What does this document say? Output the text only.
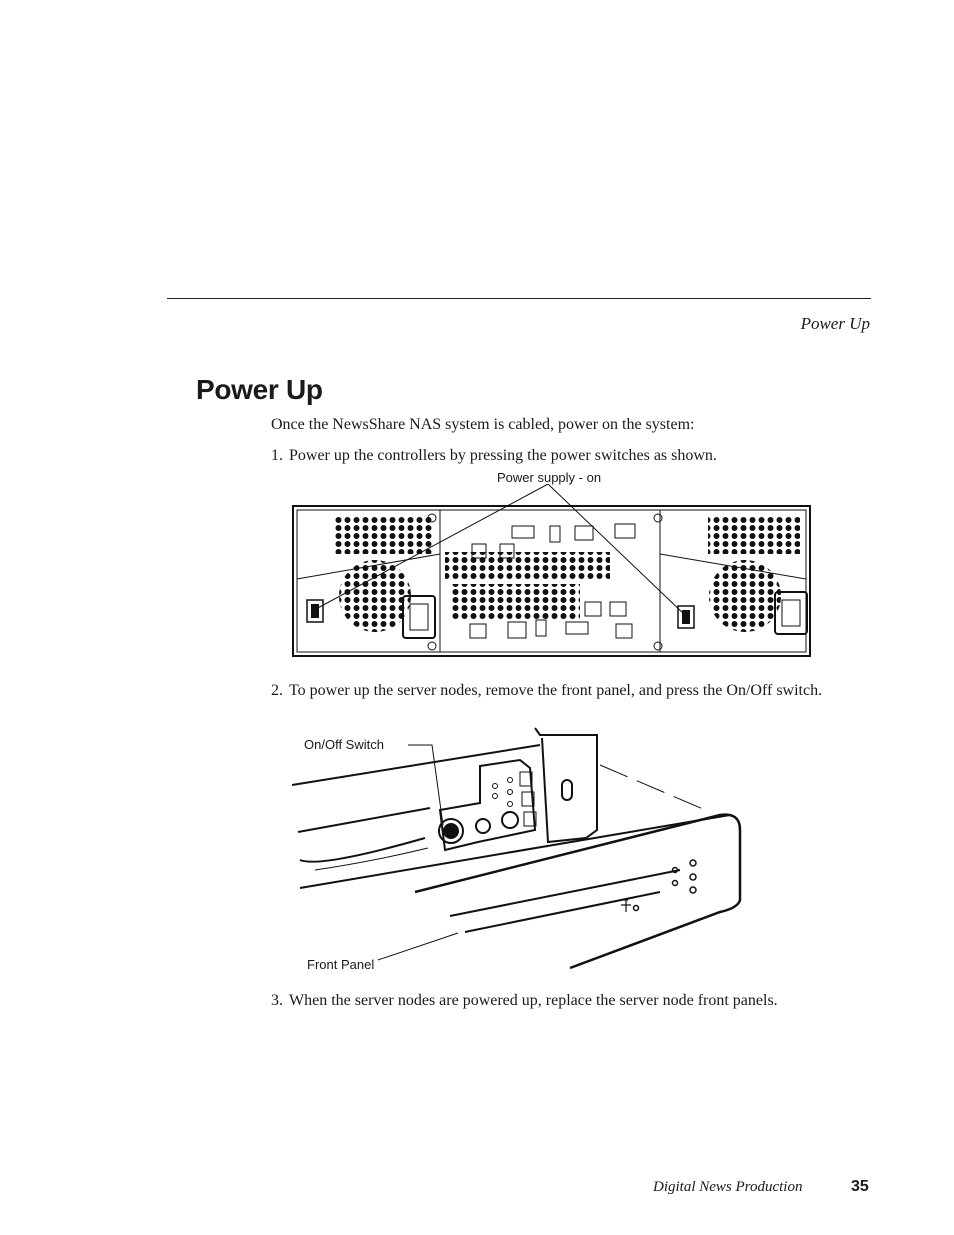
Power Up
Power Up
Once the NewsShare NAS system is cabled, power on the system:
1. Power up the controllers by pressing the power switches as shown.
Power supply - on
2. To power up the server nodes, remove the front panel, and press the On/Off switch.
On/Off Switch
Front Panel
3. When the server nodes are powered up, replace the server node front panels.
Digital News Production	35
